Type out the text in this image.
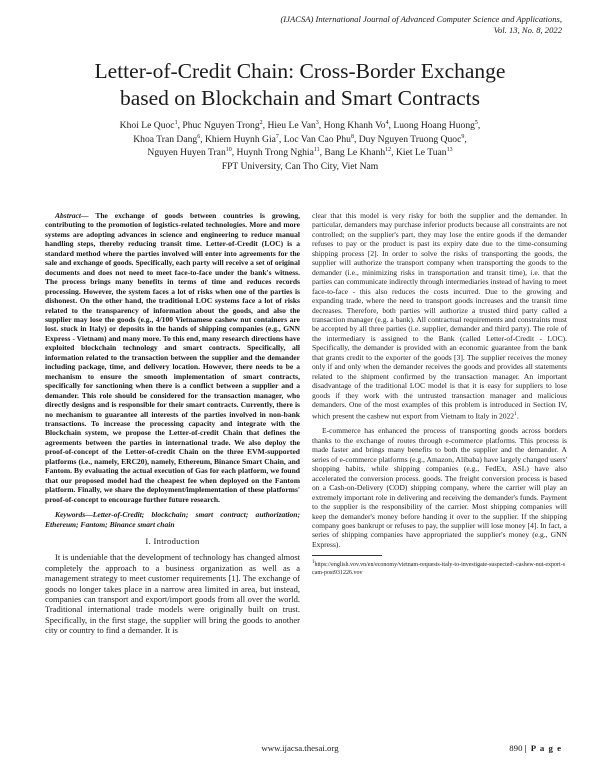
(IJACSA) International Journal of Advanced Computer Science and Applications,
Vol. 13, No. 8, 2022
Letter-of-Credit Chain: Cross-Border Exchange
based on Blockchain and Smart Contracts
Khoi Le Quoc$^1$, Phuc Nguyen Trong$^2$, Hieu Le Van$^3$, Hong Khanh Vo$^4$, Luong Hoang Huong$^5$,
Khoa Tran Dang$^6$, Khiem Huynh Gia$^7$, Loc Van Cao Phu$^8$, Duy Nguyen Truong Quoc$^9$,
Nguyen Huyen Tran$^{10}$, Huynh Trong Nghia$^{11}$, Bang Le Khanh$^{12}$, Kiet Le Tuan$^{13}$
FPT University, Can Tho City, Viet Nam

Abstract— The exchange of goods between countries is growing, contributing to the promotion of logistics-related technologies. More and more systems are adopting advances in science and engineering to reduce manual handling steps, thereby reducing transit time. Letter-of-Credit (LOC) is a standard method where the parties involved will enter into agreements for the sale and exchange of goods. Specifically, each party will receive a set of original documents and does not need to meet face-to-face under the bank's witness. The process brings many benefits in terms of time and reduces records processing. However, the system faces a lot of risks when one of the parties is dishonest. On the other hand, the traditional LOC systems face a lot of risks related to the transparency of information about the goods, and also the supplier may lose the goods (e.g., 4/100 Vietnamese cashew nut containers are lost. stuck in Italy) or deposits in the hands of shipping companies (e.g., GNN Express - Vietnam) and many more. To this end, many research directions have exploited blockchain technology and smart contracts. Specifically, all information related to the transaction between the supplier and the demander including package, time, and delivery location. However, there needs to be a mechanism to ensure the smooth implementation of smart contracts, specifically for sanctioning when there is a conflict between a supplier and a demander. This role should be considered for the transaction manager, who directly designs and is responsible for their smart contracts. Currently, there is no mechanism to guarantee all interests of the parties involved in non-bank transactions. To increase the processing capacity and integrate with the Blockchain system, we propose the Letter-of-credit Chain that defines the agreements between the parties in international trade. We also deploy the proof-of-concept of the Letter-of-credit Chain on the three EVM-supported platforms (i.e., namely, ERC20), namely, Ethereum, Binance Smart Chain, and Fantom. By evaluating the actual execution of Gas for each platform, we found that our proposed model had the cheapest fee when deployed on the Fantom platform. Finally, we share the deployment/implementation of these platforms' proof-of-concept to encourage further future research.

Keywords—Letter-of-Credit; blockchain; smart contract; authorization; Ethereum; Fantom; Binance smart chain

I. Introduction

It is undeniable that the development of technology has changed almost completely the approach to a business organization as well as a management strategy to meet customer requirements [1]. The exchange of goods no longer takes place in a narrow area limited in area, but instead, companies can transport and export/import goods from all over the world. Traditional international trade models were originally built on trust. Specifically, in the first stage, the supplier will bring the goods to another city or country to find a demander. It is

clear that this model is very risky for both the supplier and the demander. In particular, demanders may purchase inferior products because all constraints are not controlled; on the supplier's part, they may lose the entire goods if the demander refuses to pay or the product is past its expiry date due to the time-consuming shipping process [2]. In order to solve the risks of transporting the goods, the supplier will authorize the transport company when transporting the goods to the demander (i.e., minimizing risks in transportation and transit time), i.e. that the parties can communicate indirectly through intermediaries instead of having to meet face-to-face - this also reduces the costs incurred. Due to the growing and expanding trade, where the need to transport goods increases and the transit time decreases. Therefore, both parties will authorize a trusted third party called a transaction manager (e.g. a bank). All contractual requirements and constraints must be accepted by all three parties (i.e. supplier, demander and third party). The role of the intermediary is assigned to the Bank (called Letter-of-Credit - LOC). Specifically, the demander is provided with an economic guarantee from the bank that grants credit to the exporter of the goods [3]. The supplier receives the money only if and only when the demander receives the goods and provides all statements related to the shipment confirmed by the transaction manager. An important disadvantage of the traditional LOC model is that it is easy for suppliers to lose goods if they work with the untrusted transaction manager and malicious demanders. One of the most examples of this problem is introduced in Section IV, which present the cashew nut export from Vietnam to Italy in 2022$^1$.

E-commerce has enhanced the process of transporting goods across borders thanks to the exchange of routes through e-commerce platforms. This process is made faster and brings many benefits to both the supplier and the demander. A series of e-commerce platforms (e.g., Amazon, Alibaba) have largely changed users' shopping habits, while shipping companies (e.g., FedEx, ASL) have also accelerated the conversion process. goods. The freight conversion process is based on a Cash-on-Delivery (COD) shipping company, where the carrier will play an extremely important role in delivering and receiving the demander's funds. Payment to the supplier is the responsibility of the carrier. Most shipping companies will keep the demander's money before handing it over to the supplier. If the shipping company goes bankrupt or refuses to pay, the supplier will lose money [4]. In fact, a series of shipping companies have appropriated the supplier's money (e.g., GNN Express).

$^1$https://english.vov.vn/en/economy/vietnam-requests-italy-to-investigate-suspected\-cashew-nut-export-scam-post931226.vov
www.ijacsa.thesai.org	890 | P a g e
